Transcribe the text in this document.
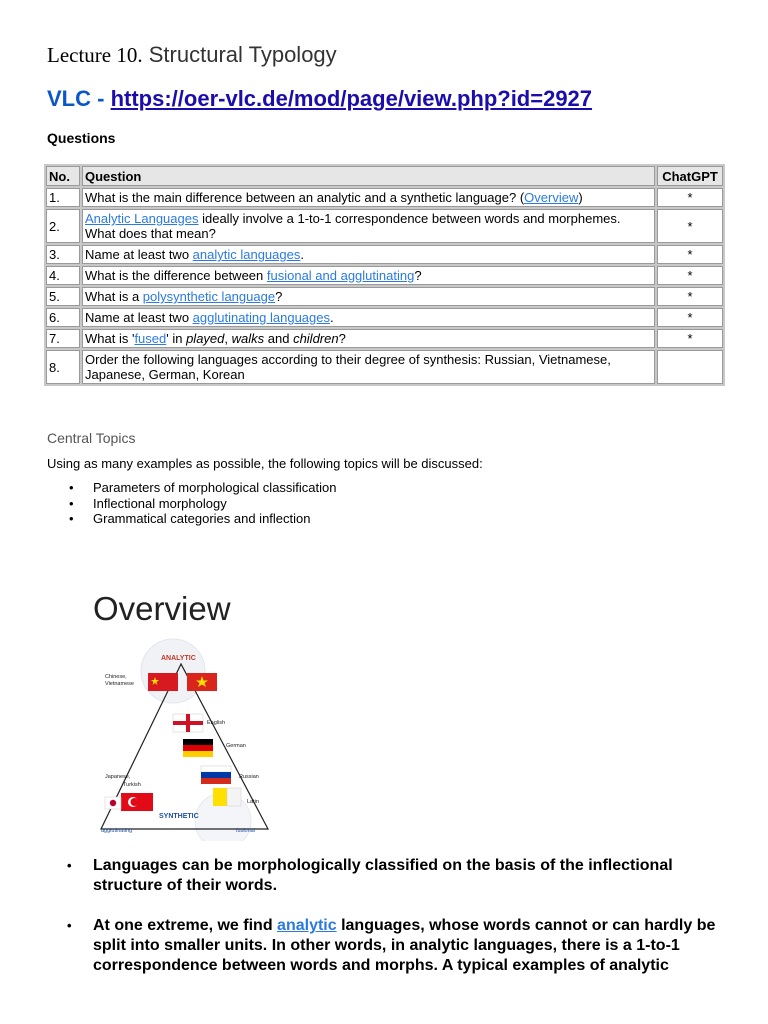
Lecture 10. Structural Typology
VLC - https://oer-vlc.de/mod/page/view.php?id=2927
Questions
No.	Question	ChatGPT
1.	What is the main difference between an analytic and a synthetic language? (Overview)	*
2.	Analytic Languages ideally involve a 1-to-1 correspondence between words and morphemes. What does that mean?	*
3.	Name at least two analytic languages.	*
4.	What is the difference between fusional and agglutinating?	*
5.	What is a polysynthetic language?	*
6.	Name at least two agglutinating languages.	*
7.	What is 'fused' in played, walks and children?	*
8.	Order the following languages according to their degree of synthesis: Russian, Vietnamese, Japanese, German, Korean	
Central Topics
Using as many examples as possible, the following topics will be discussed:
• Parameters of morphological classification
• Inflectional morphology
• Grammatical categories and inflection
Overview
ANALYTIC
Chinese,
Vietnamese
English
German
Russian
Latin
Japanese,
Turkish
SYNTHETIC
agglutinating	fusional
• Languages can be morphologically classified on the basis of the inflectional structure of their words.
• At one extreme, we find analytic languages, whose words cannot or can hardly be split into smaller units. In other words, in analytic languages, there is a 1-to-1 correspondence between words and morphs. A typical examples of analytic
